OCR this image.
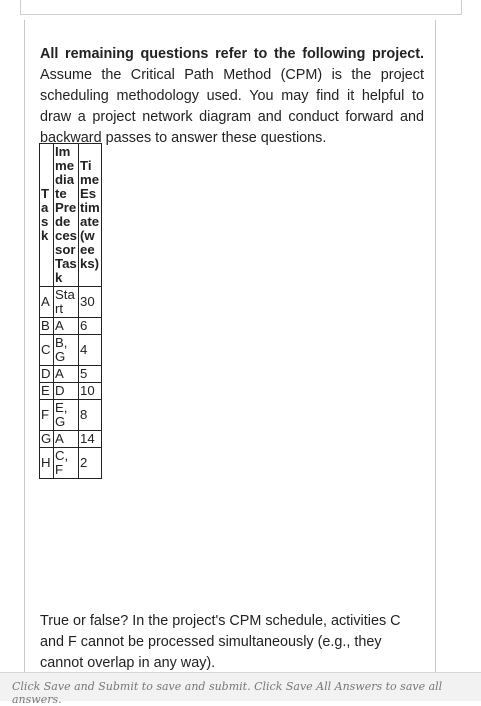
All remaining questions refer to the following project. Assume the Critical Path Method (CPM) is the project scheduling methodology used. You may find it helpful to draw a project network diagram and conduct forward and backward passes to answer these questions.

Task	Immediate Predecessor Task	Time Estimate (weeks)
A	Start	30
B	A	6
C	B, G	4
D	A	5
E	D	10
F	E, G	8
G	A	14
H	C, F	2

True or false? In the project's CPM schedule, activities C and F cannot be processed simultaneously (e.g., they cannot overlap in any way).

Click Save and Submit to save and submit. Click Save All Answers to save all answers.
